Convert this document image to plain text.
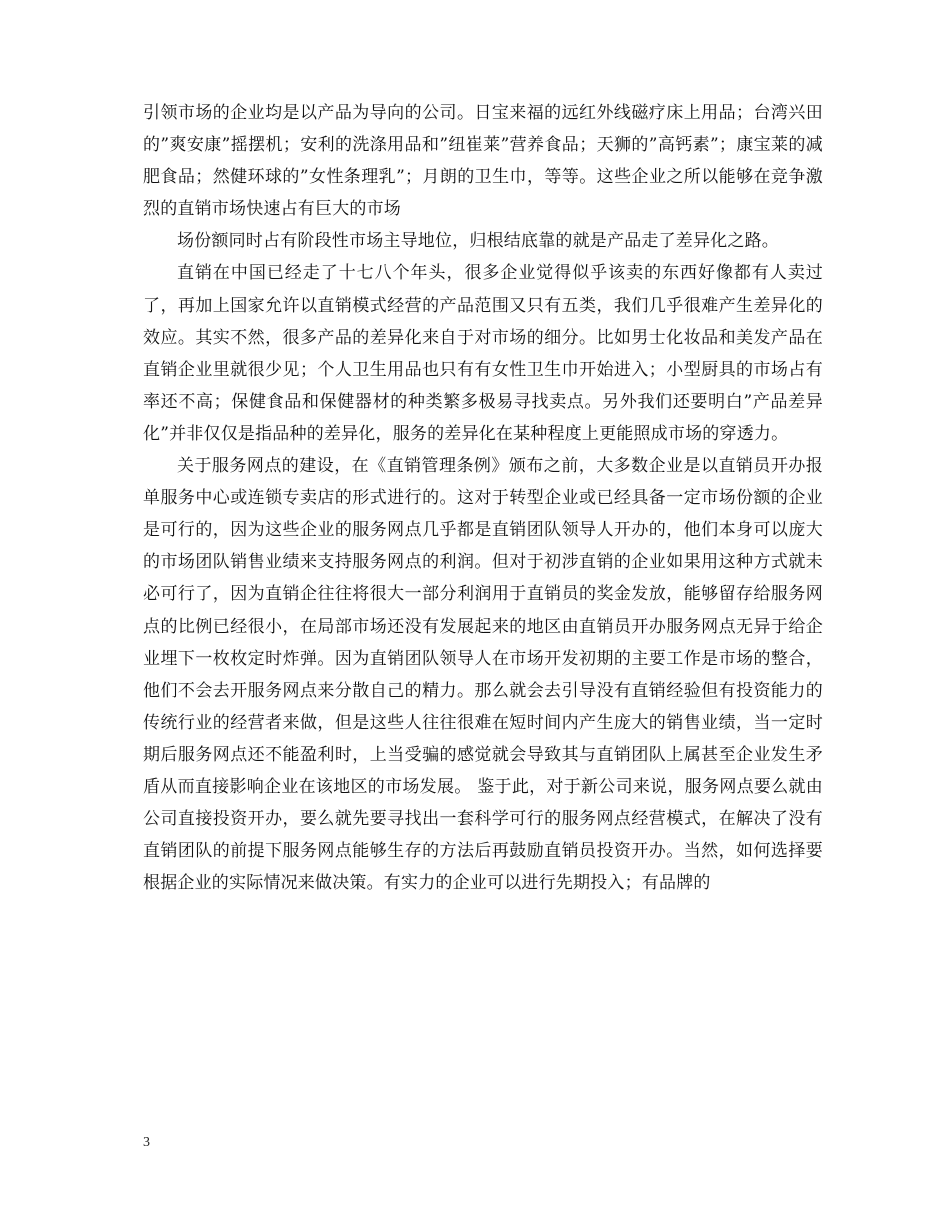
引领市场的企业均是以产品为导向的公司。日宝来福的远红外线磁疗床上用品；台湾兴田的”爽安康”摇摆机；安利的洗涤用品和”纽崔莱”营养食品；天狮的”高钙素”；康宝莱的减肥食品；然健环球的”女性条理乳”；月朗的卫生巾，等等。这些企业之所以能够在竞争激烈的直销市场快速占有巨大的市场

场份额同时占有阶段性市场主导地位，归根结底靠的就是产品走了差异化之路。

直销在中国已经走了十七八个年头，很多企业觉得似乎该卖的东西好像都有人卖过了，再加上国家允许以直销模式经营的产品范围又只有五类，我们几乎很难产生差异化的效应。其实不然，很多产品的差异化来自于对市场的细分。比如男士化妆品和美发产品在直销企业里就很少见；个人卫生用品也只有有女性卫生巾开始进入；小型厨具的市场占有率还不高；保健食品和保健器材的种类繁多极易寻找卖点。另外我们还要明白”产品差异化”并非仅仅是指品种的差异化，服务的差异化在某种程度上更能照成市场的穿透力。

关于服务网点的建设，在《直销管理条例》颁布之前，大多数企业是以直销员开办报单服务中心或连锁专卖店的形式进行的。这对于转型企业或已经具备一定市场份额的企业是可行的，因为这些企业的服务网点几乎都是直销团队领导人开办的，他们本身可以庞大的市场团队销售业绩来支持服务网点的利润。但对于初涉直销的企业如果用这种方式就未必可行了，因为直销企往往将很大一部分利润用于直销员的奖金发放，能够留存给服务网点的比例已经很小，在局部市场还没有发展起来的地区由直销员开办服务网点无异于给企业埋下一枚枚定时炸弹。因为直销团队领导人在市场开发初期的主要工作是市场的整合，他们不会去开服务网点来分散自己的精力。那么就会去引导没有直销经验但有投资能力的传统行业的经营者来做，但是这些人往往很难在短时间内产生庞大的销售业绩，当一定时期后服务网点还不能盈利时，上当受骗的感觉就会导致其与直销团队上属甚至企业发生矛盾从而直接影响企业在该地区的市场发展。 鉴于此，对于新公司来说，服务网点要么就由公司直接投资开办，要么就先要寻找出一套科学可行的服务网点经营模式，在解决了没有直销团队的前提下服务网点能够生存的方法后再鼓励直销员投资开办。当然，如何选择要根据企业的实际情况来做决策。有实力的企业可以进行先期投入；有品牌的

3
